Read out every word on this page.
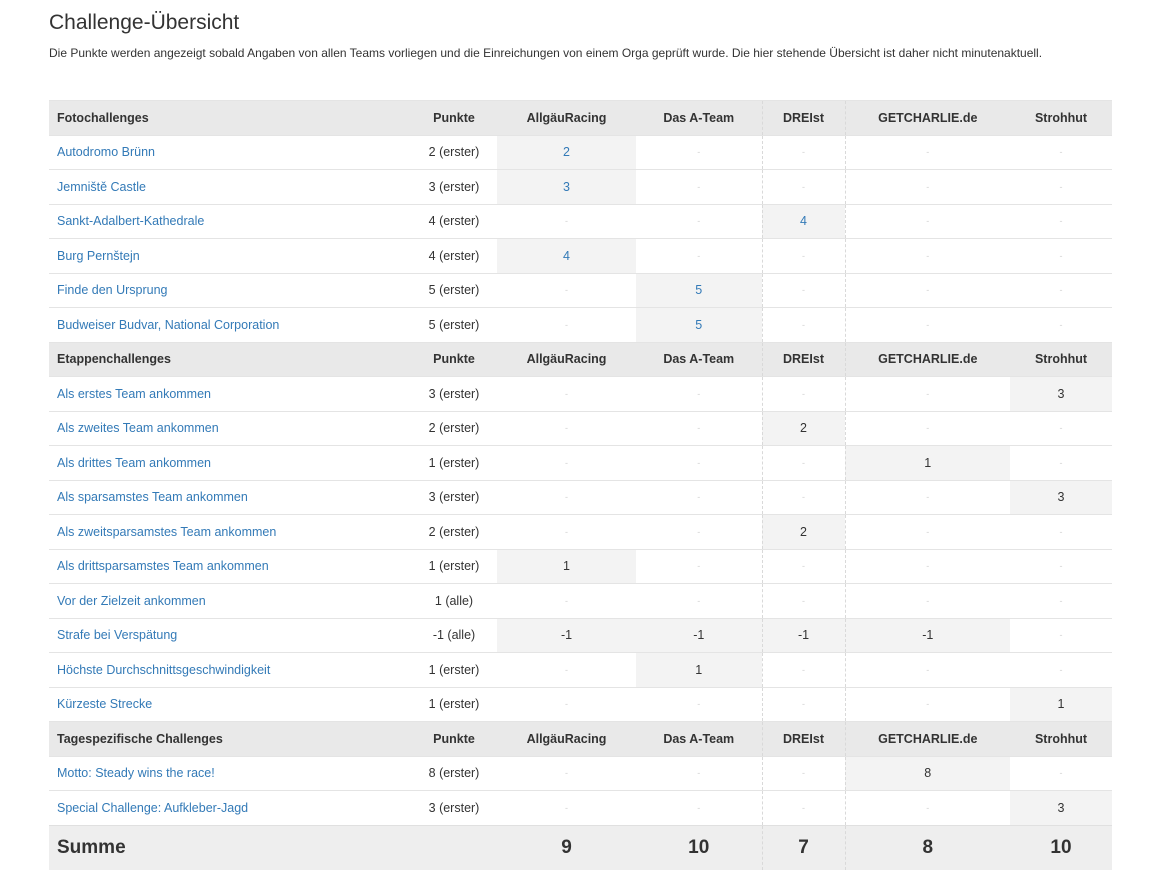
Challenge-Übersicht

Die Punkte werden angezeigt sobald Angaben von allen Teams vorliegen und die Einreichungen von einem Orga geprüft wurde. Die hier stehende Übersicht ist daher nicht minutenaktuell.

Fotochallenges	Punkte	AllgäuRacing	Das A-Team	DREIst	GETCHARLIE.de	Strohhut
Autodromo Brünn	2 (erster)	2	-	-	-	-
Jemniště Castle	3 (erster)	3	-	-	-	-
Sankt-Adalbert-Kathedrale	4 (erster)	-	-	4	-	-
Burg Pernštejn	4 (erster)	4	-	-	-	-
Finde den Ursprung	5 (erster)	-	5	-	-	-
Budweiser Budvar, National Corporation	5 (erster)	-	5	-	-	-
Etappenchallenges	Punkte	AllgäuRacing	Das A-Team	DREIst	GETCHARLIE.de	Strohhut
Als erstes Team ankommen	3 (erster)	-	-	-	-	3
Als zweites Team ankommen	2 (erster)	-	-	2	-	-
Als drittes Team ankommen	1 (erster)	-	-	-	1	-
Als sparsamstes Team ankommen	3 (erster)	-	-	-	-	3
Als zweitsparsamstes Team ankommen	2 (erster)	-	-	2	-	-
Als drittsparsamstes Team ankommen	1 (erster)	1	-	-	-	-
Vor der Zielzeit ankommen	1 (alle)	-	-	-	-	-
Strafe bei Verspätung	-1 (alle)	-1	-1	-1	-1	-
Höchste Durchschnittsgeschwindigkeit	1 (erster)	-	1	-	-	-
Kürzeste Strecke	1 (erster)	-	-	-	-	1
Tagespezifische Challenges	Punkte	AllgäuRacing	Das A-Team	DREIst	GETCHARLIE.de	Strohhut
Motto: Steady wins the race!	8 (erster)	-	-	-	8	-
Special Challenge: Aufkleber-Jagd	3 (erster)	-	-	-	-	3
Summe		9	10	7	8	10
